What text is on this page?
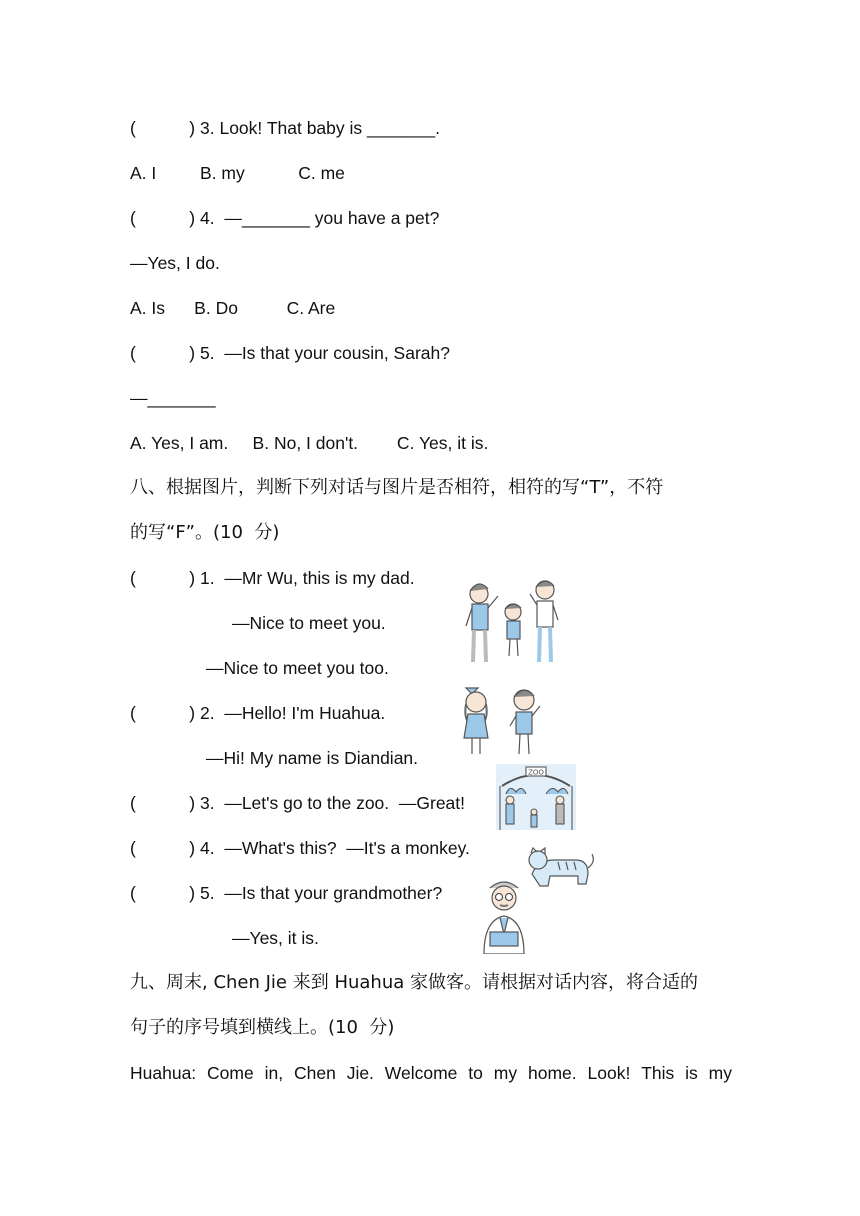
(           ) 3. Look! That baby is _______.
A. I         B. my           C. me
(           ) 4.  —_______ you have a pet?
—Yes, I do.
A. Is      B. Do          C. Are
(           ) 5.  —Is that your cousin, Sarah?
—_______
A. Yes, I am.     B. No, I don't.        C. Yes, it is.
八、根据图片，判断下列对话与图片是否相符，相符的写“T”，不符
的写“F”。(10  分)
(           ) 1.  —Mr Wu, this is my dad.
—Nice to meet you.
—Nice to meet you too.
(           ) 2.  —Hello! I'm Huahua.
—Hi! My name is Diandian.
(           ) 3.  —Let's go to the zoo.  —Great!
(           ) 4.  —What's this?  —It's a monkey.
(           ) 5.  —Is that your grandmother?
—Yes, it is.
ZOO
九、周末, Chen Jie 来到 Huahua 家做客。请根据对话内容，将合适的
句子的序号填到横线上。(10  分)
Huahua: Come in, Chen Jie. Welcome to my home. Look! This is my
